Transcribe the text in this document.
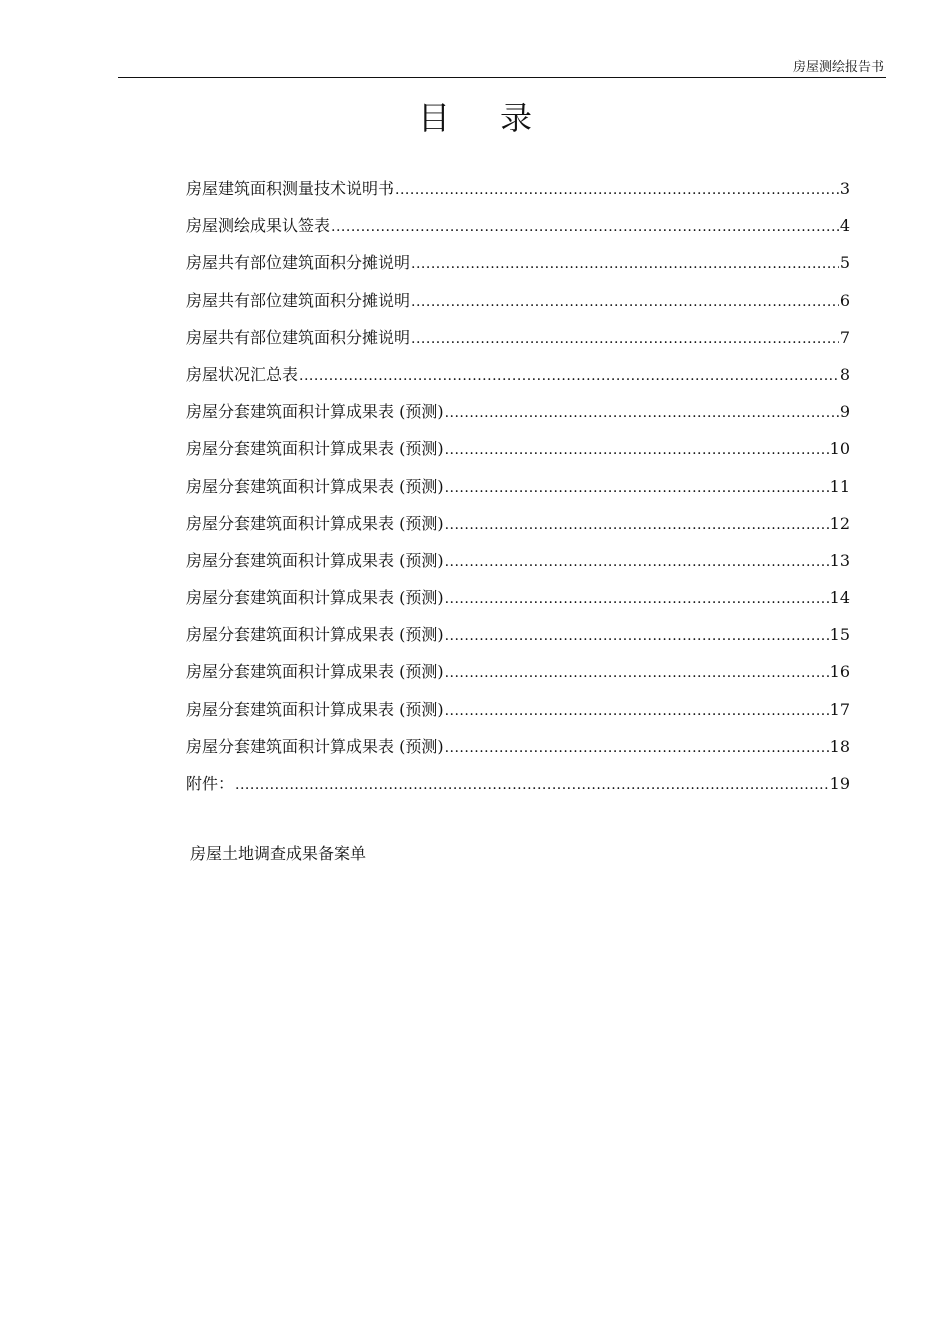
房屋测绘报告书
目录
房屋建筑面积测量技术说明书 .....	3
房屋测绘成果认签表 .....	4
房屋共有部位建筑面积分摊说明 .....	5
房屋共有部位建筑面积分摊说明 .....	6
房屋共有部位建筑面积分摊说明 .....	7
房屋状况汇总表 .....	8
房屋分套建筑面积计算成果表 (预测) .....	9
房屋分套建筑面积计算成果表 (预测) .....	10
房屋分套建筑面积计算成果表 (预测) .....	11
房屋分套建筑面积计算成果表 (预测) .....	12
房屋分套建筑面积计算成果表 (预测) .....	13
房屋分套建筑面积计算成果表 (预测) .....	14
房屋分套建筑面积计算成果表 (预测) .....	15
房屋分套建筑面积计算成果表 (预测) .....	16
房屋分套建筑面积计算成果表 (预测) .....	17
房屋分套建筑面积计算成果表 (预测) .....	18
附件： .....	19
房屋土地调查成果备案单
